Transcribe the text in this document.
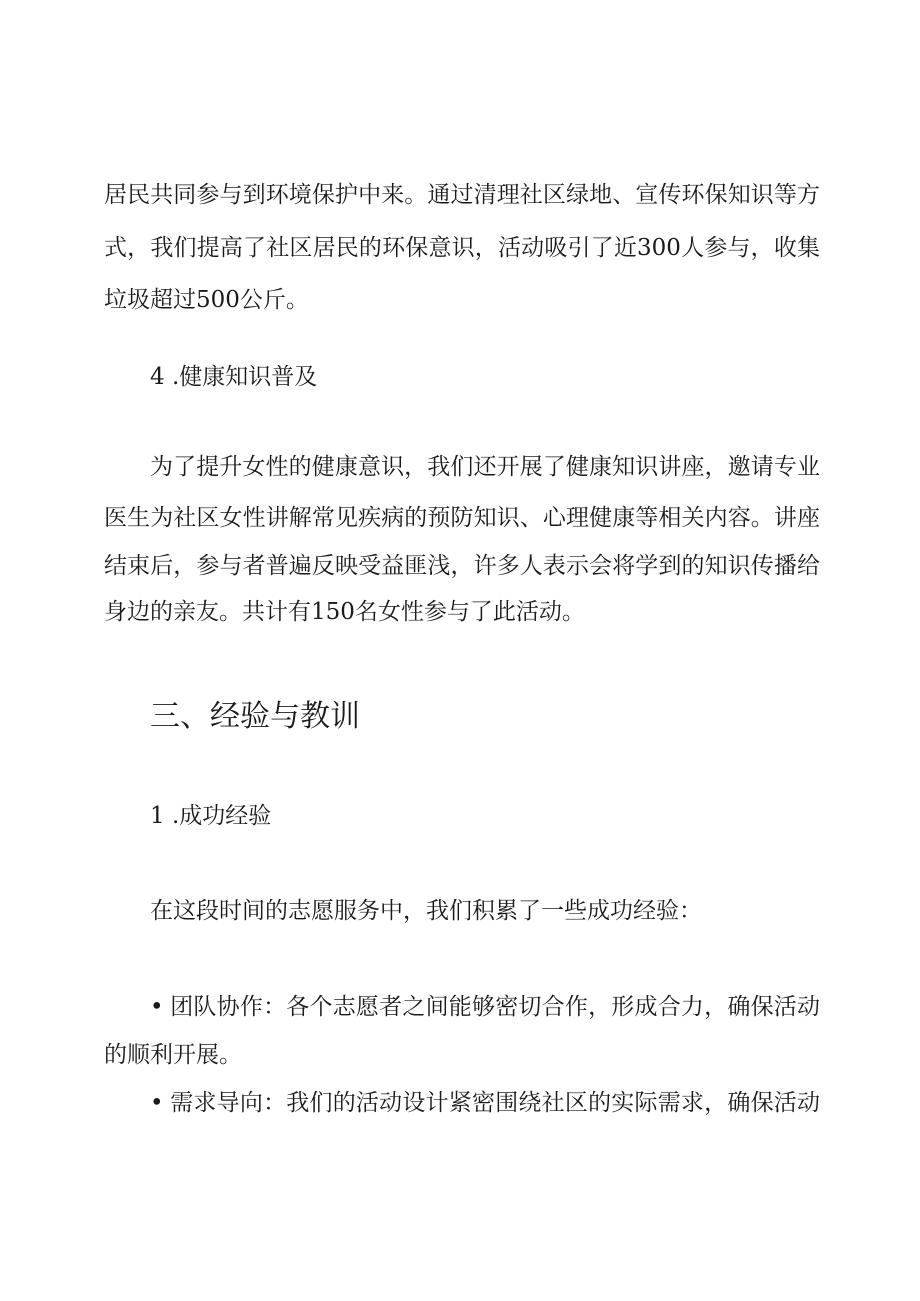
居民共同参与到环境保护中来。通过清理社区绿地、宣传环保知识等方
式，我们提高了社区居民的环保意识，活动吸引了近300人参与，收集
垃圾超过500公斤。
4 .健康知识普及
为了提升女性的健康意识，我们还开展了健康知识讲座，邀请专业
医生为社区女性讲解常见疾病的预防知识、心理健康等相关内容。讲座
结束后，参与者普遍反映受益匪浅，许多人表示会将学到的知识传播给
身边的亲友。共计有150名女性参与了此活动。
三、经验与教训
1 .成功经验
在这段时间的志愿服务中，我们积累了一些成功经验：
• 团队协作：各个志愿者之间能够密切合作，形成合力，确保活动
的顺利开展。
• 需求导向：我们的活动设计紧密围绕社区的实际需求，确保活动
